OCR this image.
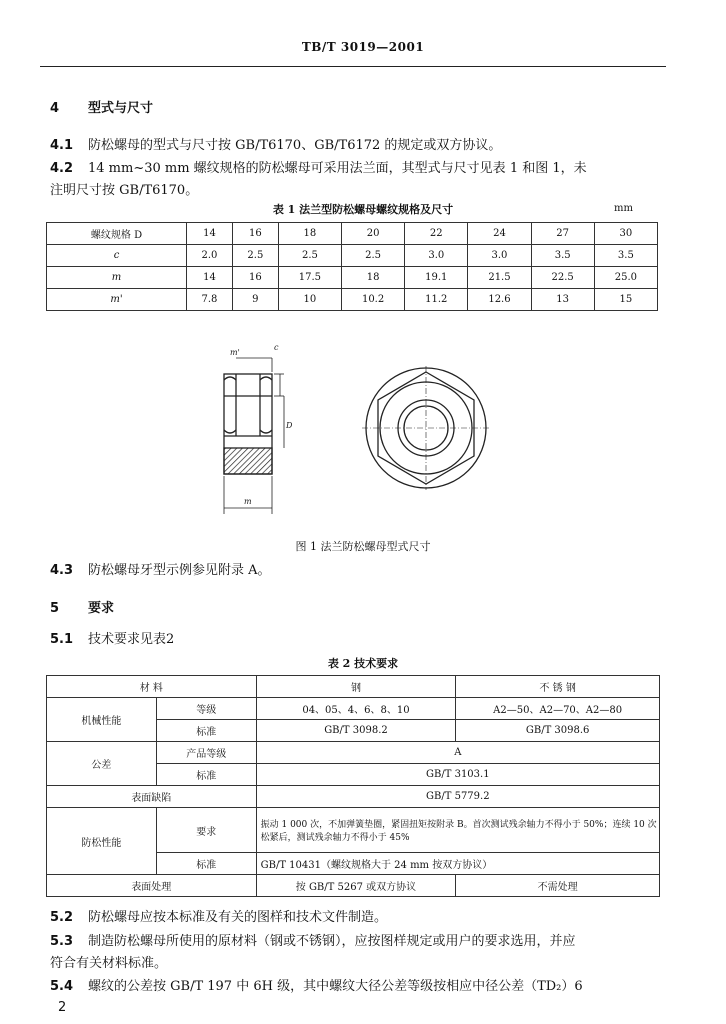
TB/T 3019—2001
4 型式与尺寸
4.1 防松螺母的型式与尺寸按 GB/T6170、GB/T6172 的规定或双方协议。
4.2 14 mm~30 mm 螺纹规格的防松螺母可采用法兰面，其型式与尺寸见表 1 和图 1，未
注明尺寸按 GB/T6170。
表 1 法兰型防松螺母螺纹规格及尺寸	mm
螺纹规格 D	14	16	18	20	22	24	27	30
c	2.0	2.5	2.5	2.5	3.0	3.0	3.5	3.5
m	14	16	17.5	18	19.1	21.5	22.5	25.0
m'	7.8	9	10	10.2	11.2	12.6	13	15
m'
c
D
m
图 1 法兰防松螺母型式尺寸
4.3 防松螺母牙型示例参见附录 A。
5 要求
5.1 技术要求见表2
表 2 技术要求
材 料		钢	不 锈 钢
机械性能	等级	04、05、4、6、8、10	A2—50、A2—70、A2—80
	标准	GB/T 3098.2	GB/T 3098.6
公差	产品等级	A	
	标准	GB/T 3103.1	
表面缺陷		GB/T 5779.2	
防松性能	要求	振动 1 000 次，不加弹簧垫圈，紧固扭矩按附录 B。首次测试残余轴力不得小于 50%；连续 10 次松紧后，测试残余轴力不得小于 45%	
	标准	GB/T 10431（螺纹规格大于 24 mm 按双方协议）	
表面处理		按 GB/T 5267 或双方协议	不需处理
5.2 防松螺母应按本标准及有关的图样和技术文件制造。
5.3 制造防松螺母所使用的原材料（钢或不锈钢），应按图样规定或用户的要求选用，并应
符合有关材料标准。
5.4 螺纹的公差按 GB/T 197 中 6H 级，其中螺纹大径公差等级按相应中径公差（TD₂）6
2
